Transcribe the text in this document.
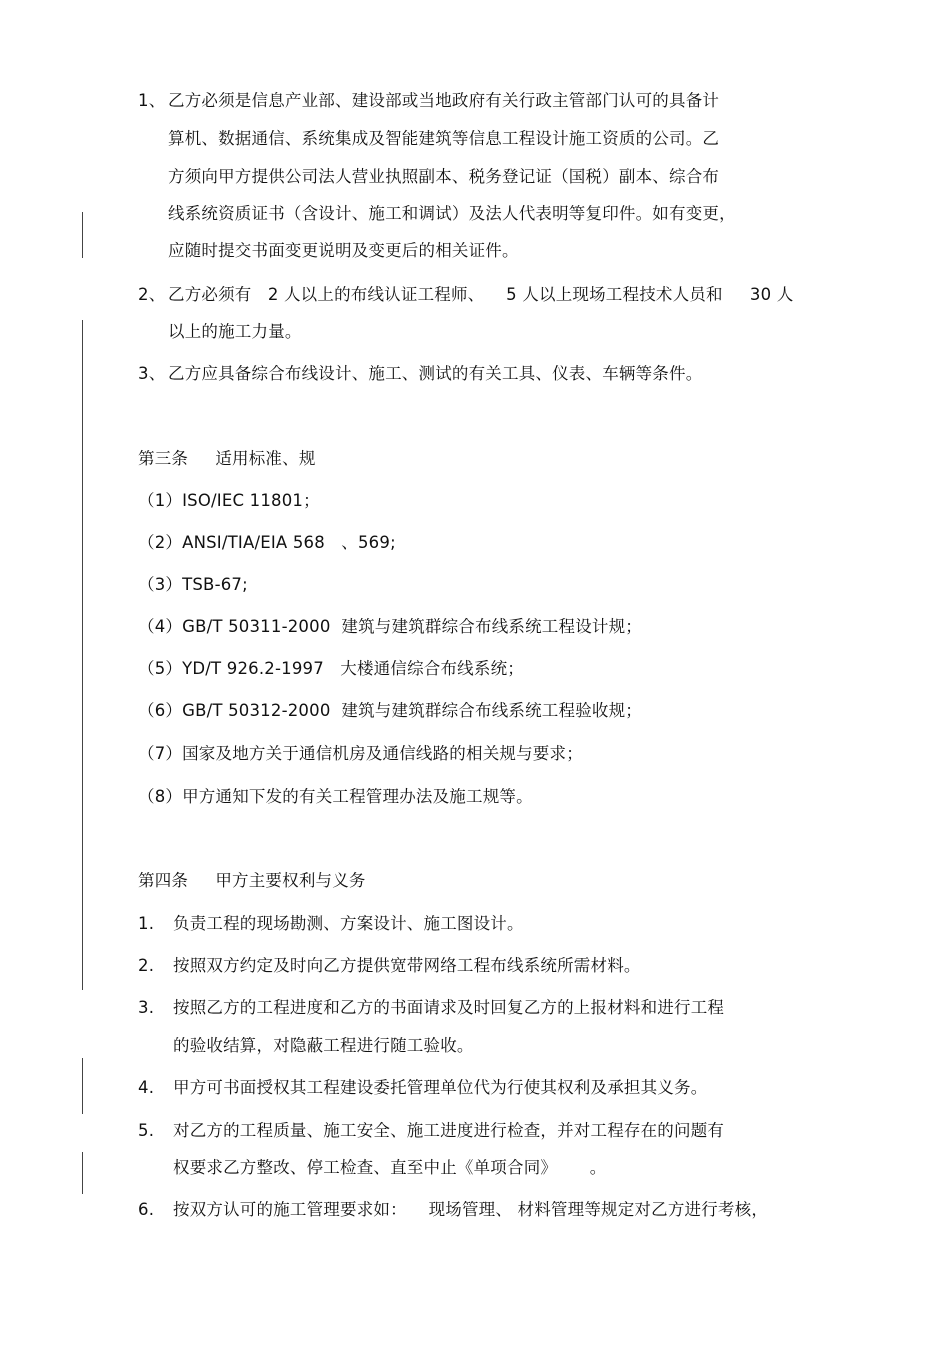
1、 乙方必须是信息产业部、建设部或当地政府有关行政主管部门认可的具备计
算机、数据通信、系统集成及智能建筑等信息工程设计施工资质的公司。乙
方须向甲方提供公司法人营业执照副本、税务登记证（国税）副本、综合布
线系统资质证书（含设计、施工和调试）及法人代表明等复印件。如有变更，
应随时提交书面变更说明及变更后的相关证件。
2、 乙方必须有   2 人以上的布线认证工程师、    5 人以上现场工程技术人员和     30 人
以上的施工力量。
3、 乙方应具备综合布线设计、施工、测试的有关工具、仪表、车辆等条件。
第三条     适用标准、规
（1）ISO/IEC 11801；
（2）ANSI/TIA/EIA 568   、569;
（3）TSB-67;
（4）GB/T 50311-2000  建筑与建筑群综合布线系统工程设计规；
（5）YD/T 926.2-1997   大楼通信综合布线系统；
（6）GB/T 50312-2000  建筑与建筑群综合布线系统工程验收规；
（7）国家及地方关于通信机房及通信线路的相关规与要求；
（8）甲方通知下发的有关工程管理办法及施工规等。
第四条     甲方主要权利与义务
1. 负责工程的现场勘测、方案设计、施工图设计。
2. 按照双方约定及时向乙方提供宽带网络工程布线系统所需材料。
3. 按照乙方的工程进度和乙方的书面请求及时回复乙方的上报材料和进行工程
的验收结算，对隐蔽工程进行随工验收。
4. 甲方可书面授权其工程建设委托管理单位代为行使其权利及承担其义务。
5. 对乙方的工程质量、施工安全、施工进度进行检查，并对工程存在的问题有
权要求乙方整改、停工检查、直至中止《单项合同》      。
6. 按双方认可的施工管理要求如：    现场管理、 材料管理等规定对乙方进行考核，
